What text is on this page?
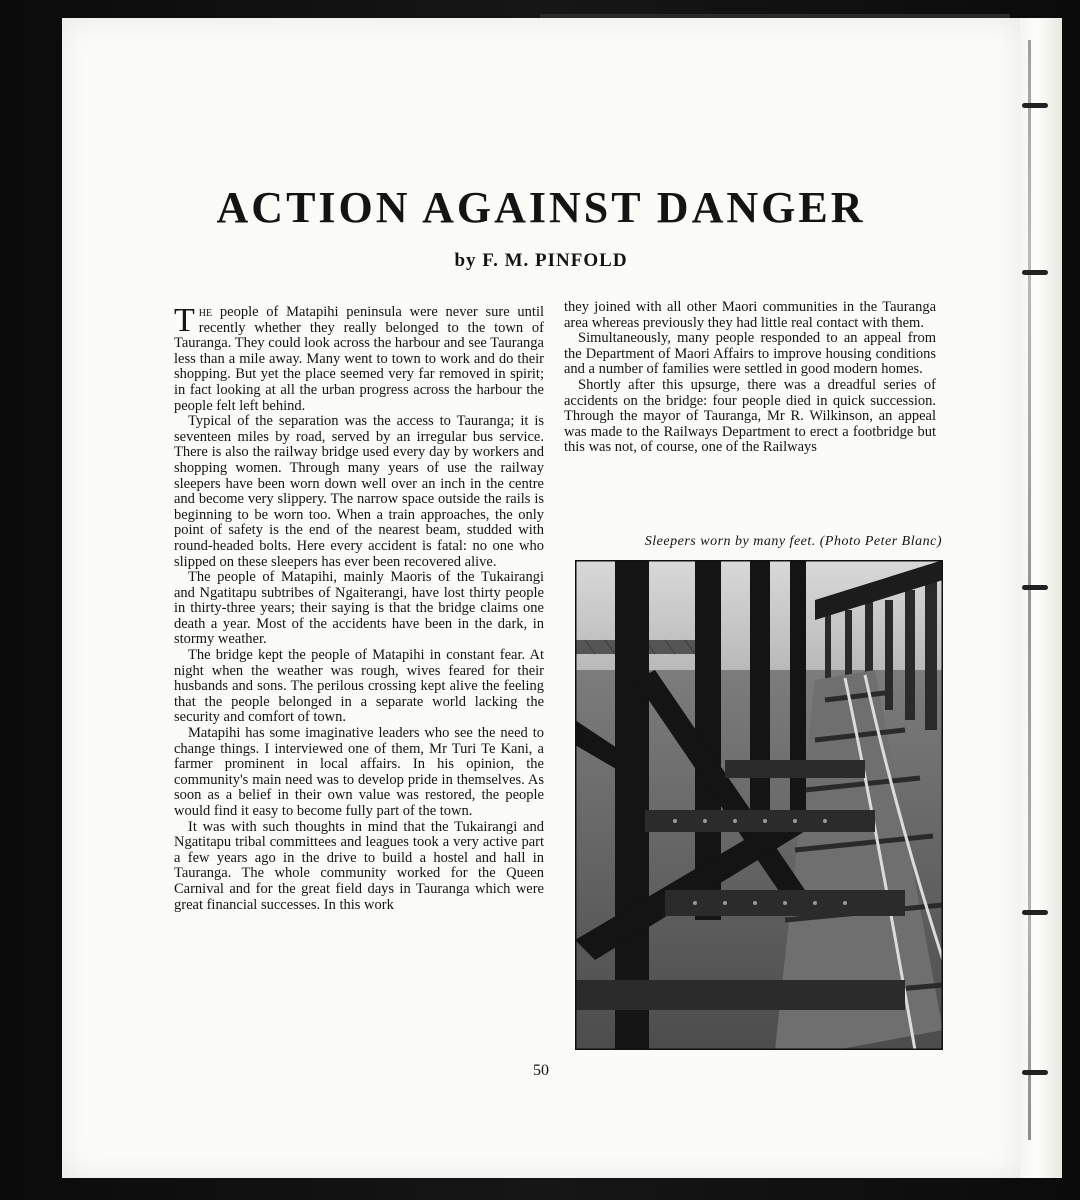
ACTION AGAINST DANGER
by F. M. PINFOLD

The people of Matapihi peninsula were never sure until recently whether they really belonged to the town of Tauranga. They could look across the harbour and see Tauranga less than a mile away. Many went to town to work and do their shopping. But yet the place seemed very far removed in spirit; in fact looking at all the urban progress across the harbour the people felt left behind.

Typical of the separation was the access to Tauranga; it is seventeen miles by road, served by an irregular bus service. There is also the railway bridge used every day by workers and shopping women. Through many years of use the railway sleepers have been worn down well over an inch in the centre and become very slippery. The narrow space outside the rails is beginning to be worn too. When a train approaches, the only point of safety is the end of the nearest beam, studded with round-headed bolts. Here every accident is fatal: no one who slipped on these sleepers has ever been recovered alive.

The people of Matapihi, mainly Maoris of the Tukairangi and Ngatitapu subtribes of Ngaiterangi, have lost thirty people in thirty-three years; their saying is that the bridge claims one death a year. Most of the accidents have been in the dark, in stormy weather.

The bridge kept the people of Matapihi in constant fear. At night when the weather was rough, wives feared for their husbands and sons. The perilous crossing kept alive the feeling that the people belonged in a separate world lacking the security and comfort of town.

Matapihi has some imaginative leaders who see the need to change things. I interviewed one of them, Mr Turi Te Kani, a farmer prominent in local affairs. In his opinion, the community's main need was to develop pride in themselves. As soon as a belief in their own value was restored, the people would find it easy to become fully part of the town.

It was with such thoughts in mind that the Tukairangi and Ngatitapu tribal committees and leagues took a very active part a few years ago in the drive to build a hostel and hall in Tauranga. The whole community worked for the Queen Carnival and for the great field days in Tauranga which were great financial successes. In this work

they joined with all other Maori communities in the Tauranga area whereas previously they had little real contact with them.

Simultaneously, many people responded to an appeal from the Department of Maori Affairs to improve housing conditions and a number of families were settled in good modern homes.

Shortly after this upsurge, there was a dreadful series of accidents on the bridge: four people died in quick succession. Through the mayor of Tauranga, Mr R. Wilkinson, an appeal was made to the Railways Department to erect a footbridge but this was not, of course, one of the Railways

Sleepers worn by many feet. (Photo Peter Blanc)
50
